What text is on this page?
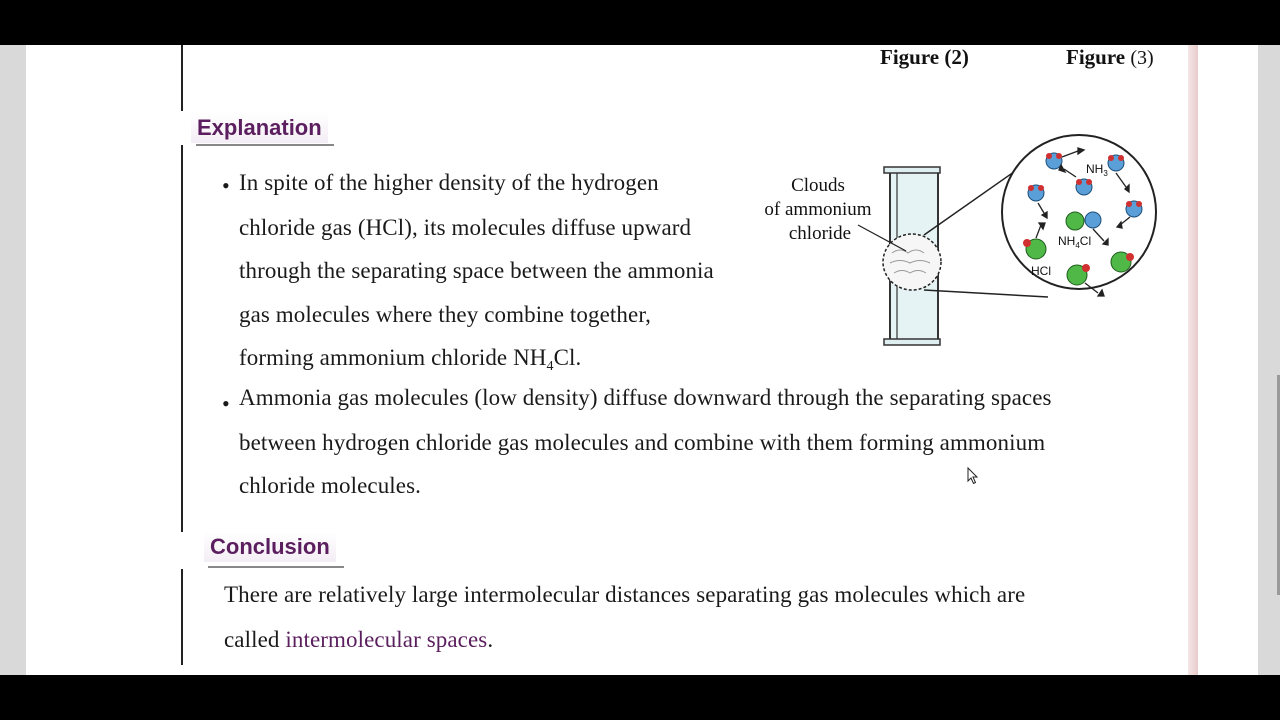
Figure (2)	Figure (3)
Explanation
• In spite of the higher density of the hydrogen
chloride gas (HCl), its molecules diffuse upward
through the separating space between the ammonia
gas molecules where they combine together,
forming ammonium chloride $NH_4Cl$.
• Ammonia gas molecules (low density) diffuse downward through the separating spaces
between hydrogen chloride gas molecules and combine with them forming ammonium
chloride molecules.
Clouds
of ammonium
chloride
$NH_3$
$NH_4Cl$
HCl
Conclusion
There are relatively large intermolecular distances separating gas molecules which are
called intermolecular spaces.
